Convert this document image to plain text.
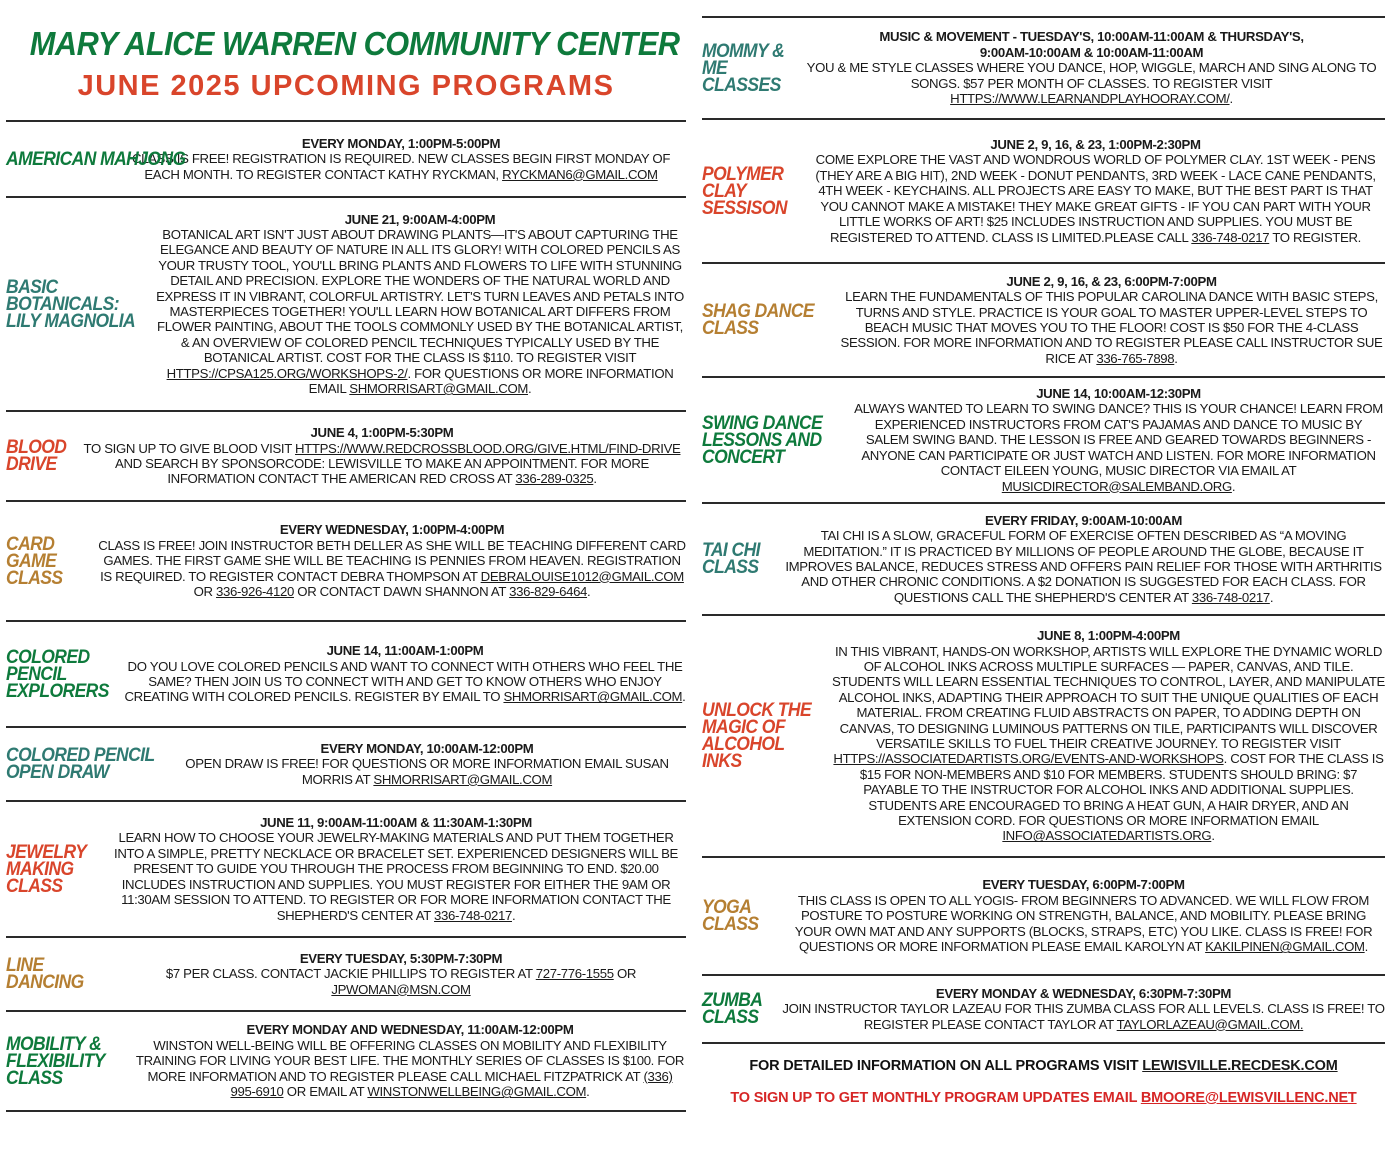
MARY ALICE WARREN COMMUNITY CENTER
JUNE 2025 UPCOMING PROGRAMS
AMERICAN MAHJONG
EVERY MONDAY, 1:00PM-5:00PM
CLASS IS FREE! REGISTRATION IS REQUIRED. NEW CLASSES BEGIN FIRST MONDAY OF EACH MONTH. TO REGISTER CONTACT KATHY RYCKMAN, RYCKMAN6@GMAIL.COM
BASIC BOTANICALS: LILY MAGNOLIA
JUNE 21, 9:00AM-4:00PM
BOTANICAL ART ISN'T JUST ABOUT DRAWING PLANTS—IT'S ABOUT CAPTURING THE ELEGANCE AND BEAUTY OF NATURE IN ALL ITS GLORY! WITH COLORED PENCILS AS YOUR TRUSTY TOOL, YOU'LL BRING PLANTS AND FLOWERS TO LIFE WITH STUNNING DETAIL AND PRECISION. EXPLORE THE WONDERS OF THE NATURAL WORLD AND EXPRESS IT IN VIBRANT, COLORFUL ARTISTRY. LET'S TURN LEAVES AND PETALS INTO MASTERPIECES TOGETHER! YOU'LL LEARN HOW BOTANICAL ART DIFFERS FROM FLOWER PAINTING, ABOUT THE TOOLS COMMONLY USED BY THE BOTANICAL ARTIST, & AN OVERVIEW OF COLORED PENCIL TECHNIQUES TYPICALLY USED BY THE BOTANICAL ARTIST. COST FOR THE CLASS IS $110. TO REGISTER VISIT HTTPS://CPSA125.ORG/WORKSHOPS-2/. FOR QUESTIONS OR MORE INFORMATION EMAIL SHMORRISART@GMAIL.COM.
BLOOD DRIVE
JUNE 4, 1:00PM-5:30PM
TO SIGN UP TO GIVE BLOOD VISIT HTTPS://WWW.REDCROSSBLOOD.ORG/GIVE.HTML/FIND-DRIVE AND SEARCH BY SPONSORCODE: LEWISVILLE TO MAKE AN APPOINTMENT. FOR MORE INFORMATION CONTACT THE AMERICAN RED CROSS AT 336-289-0325.
CARD GAME CLASS
EVERY WEDNESDAY, 1:00PM-4:00PM
CLASS IS FREE! JOIN INSTRUCTOR BETH DELLER AS SHE WILL BE TEACHING DIFFERENT CARD GAMES. THE FIRST GAME SHE WILL BE TEACHING IS PENNIES FROM HEAVEN. REGISTRATION IS REQUIRED. TO REGISTER CONTACT DEBRA THOMPSON AT DEBRALOUISE1012@GMAIL.COM OR 336-926-4120 OR CONTACT DAWN SHANNON AT 336-829-6464.
COLORED PENCIL EXPLORERS
JUNE 14, 11:00AM-1:00PM
DO YOU LOVE COLORED PENCILS AND WANT TO CONNECT WITH OTHERS WHO FEEL THE SAME? THEN JOIN US TO CONNECT WITH AND GET TO KNOW OTHERS WHO ENJOY CREATING WITH COLORED PENCILS. REGISTER BY EMAIL TO SHMORRISART@GMAIL.COM.
COLORED PENCIL OPEN DRAW
EVERY MONDAY, 10:00AM-12:00PM
OPEN DRAW IS FREE! FOR QUESTIONS OR MORE INFORMATION EMAIL SUSAN MORRIS AT SHMORRISART@GMAIL.COM
JEWELRY MAKING CLASS
JUNE 11, 9:00AM-11:00AM & 11:30AM-1:30PM
LEARN HOW TO CHOOSE YOUR JEWELRY-MAKING MATERIALS AND PUT THEM TOGETHER INTO A SIMPLE, PRETTY NECKLACE OR BRACELET SET. EXPERIENCED DESIGNERS WILL BE PRESENT TO GUIDE YOU THROUGH THE PROCESS FROM BEGINNING TO END. $20.00 INCLUDES INSTRUCTION AND SUPPLIES. YOU MUST REGISTER FOR EITHER THE 9AM OR 11:30AM SESSION TO ATTEND. TO REGISTER OR FOR MORE INFORMATION CONTACT THE SHEPHERD'S CENTER AT 336-748-0217.
LINE DANCING
EVERY TUESDAY, 5:30PM-7:30PM
$7 PER CLASS. CONTACT JACKIE PHILLIPS TO REGISTER AT 727-776-1555 OR JPWOMAN@MSN.COM
MOBILITY & FLEXIBILITY CLASS
EVERY MONDAY AND WEDNESDAY, 11:00AM-12:00PM
WINSTON WELL-BEING WILL BE OFFERING CLASSES ON MOBILITY AND FLEXIBILITY TRAINING FOR LIVING YOUR BEST LIFE. THE MONTHLY SERIES OF CLASSES IS $100. FOR MORE INFORMATION AND TO REGISTER PLEASE CALL MICHAEL FITZPATRICK AT (336) 995-6910 OR EMAIL AT WINSTONWELLBEING@GMAIL.COM.
MOMMY & ME CLASSES
MUSIC & MOVEMENT - TUESDAY'S, 10:00AM-11:00AM & THURSDAY'S, 9:00AM-10:00AM & 10:00AM-11:00AM
YOU & ME STYLE CLASSES WHERE YOU DANCE, HOP, WIGGLE, MARCH AND SING ALONG TO SONGS. $57 PER MONTH OF CLASSES. TO REGISTER VISIT HTTPS://WWW.LEARNANDPLAYHOORAY.COM/.
POLYMER CLAY SESSISON
JUNE 2, 9, 16, & 23, 1:00PM-2:30PM
COME EXPLORE THE VAST AND WONDROUS WORLD OF POLYMER CLAY. 1ST WEEK - PENS (THEY ARE A BIG HIT), 2ND WEEK - DONUT PENDANTS, 3RD WEEK - LACE CANE PENDANTS, 4TH WEEK - KEYCHAINS. ALL PROJECTS ARE EASY TO MAKE, BUT THE BEST PART IS THAT YOU CANNOT MAKE A MISTAKE! THEY MAKE GREAT GIFTS - IF YOU CAN PART WITH YOUR LITTLE WORKS OF ART! $25 INCLUDES INSTRUCTION AND SUPPLIES. YOU MUST BE REGISTERED TO ATTEND. CLASS IS LIMITED.PLEASE CALL 336-748-0217 TO REGISTER.
SHAG DANCE CLASS
JUNE 2, 9, 16, & 23, 6:00PM-7:00PM
LEARN THE FUNDAMENTALS OF THIS POPULAR CAROLINA DANCE WITH BASIC STEPS, TURNS AND STYLE. PRACTICE IS YOUR GOAL TO MASTER UPPER-LEVEL STEPS TO BEACH MUSIC THAT MOVES YOU TO THE FLOOR! COST IS $50 FOR THE 4-CLASS SESSION. FOR MORE INFORMATION AND TO REGISTER PLEASE CALL INSTRUCTOR SUE RICE AT 336-765-7898.
SWING DANCE LESSONS AND CONCERT
JUNE 14, 10:00AM-12:30PM
ALWAYS WANTED TO LEARN TO SWING DANCE? THIS IS YOUR CHANCE! LEARN FROM EXPERIENCED INSTRUCTORS FROM CAT'S PAJAMAS AND DANCE TO MUSIC BY SALEM SWING BAND. THE LESSON IS FREE AND GEARED TOWARDS BEGINNERS - ANYONE CAN PARTICIPATE OR JUST WATCH AND LISTEN. FOR MORE INFORMATION CONTACT EILEEN YOUNG, MUSIC DIRECTOR VIA EMAIL AT MUSICDIRECTOR@SALEMBAND.ORG.
TAI CHI CLASS
EVERY FRIDAY, 9:00AM-10:00AM
TAI CHI IS A SLOW, GRACEFUL FORM OF EXERCISE OFTEN DESCRIBED AS “A MOVING MEDITATION.” IT IS PRACTICED BY MILLIONS OF PEOPLE AROUND THE GLOBE, BECAUSE IT IMPROVES BALANCE, REDUCES STRESS AND OFFERS PAIN RELIEF FOR THOSE WITH ARTHRITIS AND OTHER CHRONIC CONDITIONS. A $2 DONATION IS SUGGESTED FOR EACH CLASS. FOR QUESTIONS CALL THE SHEPHERD'S CENTER AT 336-748-0217.
UNLOCK THE MAGIC OF ALCOHOL INKS
JUNE 8, 1:00PM-4:00PM
IN THIS VIBRANT, HANDS-ON WORKSHOP, ARTISTS WILL EXPLORE THE DYNAMIC WORLD OF ALCOHOL INKS ACROSS MULTIPLE SURFACES — PAPER, CANVAS, AND TILE. STUDENTS WILL LEARN ESSENTIAL TECHNIQUES TO CONTROL, LAYER, AND MANIPULATE ALCOHOL INKS, ADAPTING THEIR APPROACH TO SUIT THE UNIQUE QUALITIES OF EACH MATERIAL. FROM CREATING FLUID ABSTRACTS ON PAPER, TO ADDING DEPTH ON CANVAS, TO DESIGNING LUMINOUS PATTERNS ON TILE, PARTICIPANTS WILL DISCOVER VERSATILE SKILLS TO FUEL THEIR CREATIVE JOURNEY. TO REGISTER VISIT HTTPS://ASSOCIATEDARTISTS.ORG/EVENTS-AND-WORKSHOPS. COST FOR THE CLASS IS $15 FOR NON-MEMBERS AND $10 FOR MEMBERS. STUDENTS SHOULD BRING: $7 PAYABLE TO THE INSTRUCTOR FOR ALCOHOL INKS AND ADDITIONAL SUPPLIES. STUDENTS ARE ENCOURAGED TO BRING A HEAT GUN, A HAIR DRYER, AND AN EXTENSION CORD. FOR QUESTIONS OR MORE INFORMATION EMAIL INFO@ASSOCIATEDARTISTS.ORG.
YOGA CLASS
EVERY TUESDAY, 6:00PM-7:00PM
THIS CLASS IS OPEN TO ALL YOGIS- FROM BEGINNERS TO ADVANCED. WE WILL FLOW FROM POSTURE TO POSTURE WORKING ON STRENGTH, BALANCE, AND MOBILITY. PLEASE BRING YOUR OWN MAT AND ANY SUPPORTS (BLOCKS, STRAPS, ETC) YOU LIKE. CLASS IS FREE! FOR QUESTIONS OR MORE INFORMATION PLEASE EMAIL KAROLYN AT KAKILPINEN@GMAIL.COM.
ZUMBA CLASS
EVERY MONDAY & WEDNESDAY, 6:30PM-7:30PM
JOIN INSTRUCTOR TAYLOR LAZEAU FOR THIS ZUMBA CLASS FOR ALL LEVELS. CLASS IS FREE! TO REGISTER PLEASE CONTACT TAYLOR AT TAYLORLAZEAU@GMAIL.COM.
FOR DETAILED INFORMATION ON ALL PROGRAMS VISIT LEWISVILLE.RECDESK.COM
TO SIGN UP TO GET MONTHLY PROGRAM UPDATES EMAIL BMOORE@LEWISVILLENC.NET
